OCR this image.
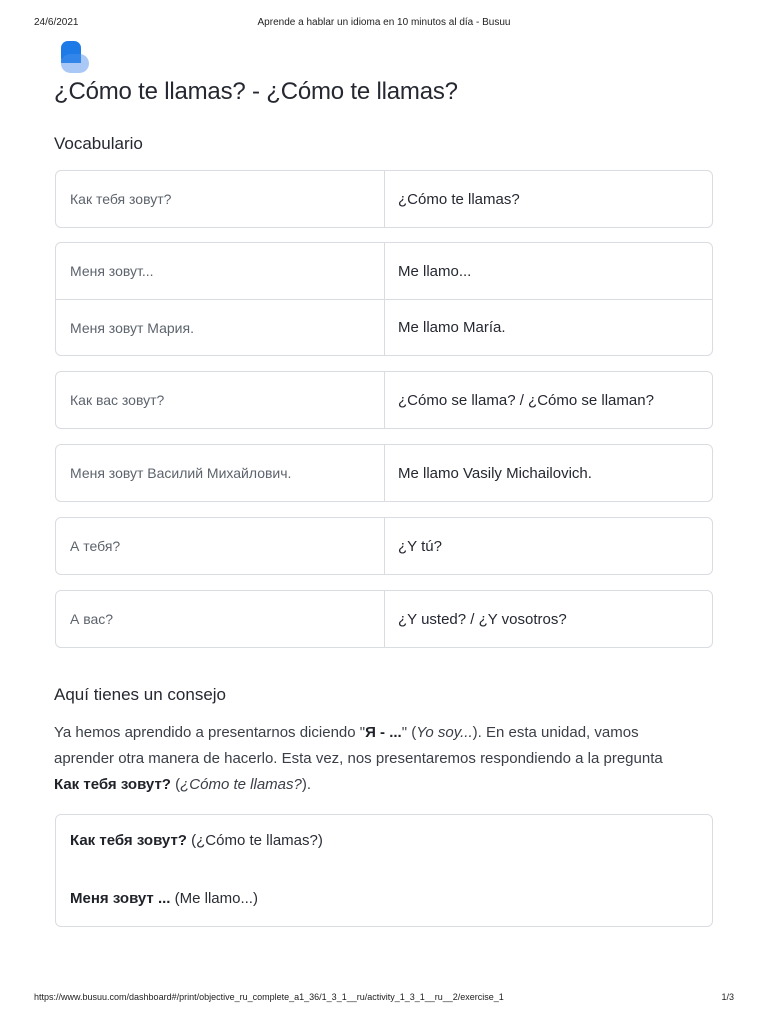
24/6/2021	Aprende a hablar un idioma en 10 minutos al día - Busuu
¿Cómo te llamas? - ¿Cómo te llamas?
Vocabulario
Как тебя зовут?	¿Cómo te llamas?
Меня зовут...	Me llamo...
Меня зовут Мария.	Me llamo María.
Как вас зовут?	¿Cómo se llama? / ¿Cómo se llaman?
Меня зовут Василий Михайлович.	Me llamo Vasily Michailovich.
А тебя?	¿Y tú?
А вас?	¿Y usted? / ¿Y vosotros?
Aquí tienes un consejo

Ya hemos aprendido a presentarnos diciendo "Я - ..." (Yo soy...). En esta unidad, vamos aprender otra manera de hacerlo. Esta vez, nos presentaremos respondiendo a la pregunta Как тебя зовут? (¿Cómo te llamas?).

Как тебя зовут? (¿Cómo te llamas?)
Меня зовут ... (Me llamo...)
https://www.busuu.com/dashboard#/print/objective_ru_complete_a1_36/1_3_1__ru/activity_1_3_1__ru__2/exercise_1	1/3
